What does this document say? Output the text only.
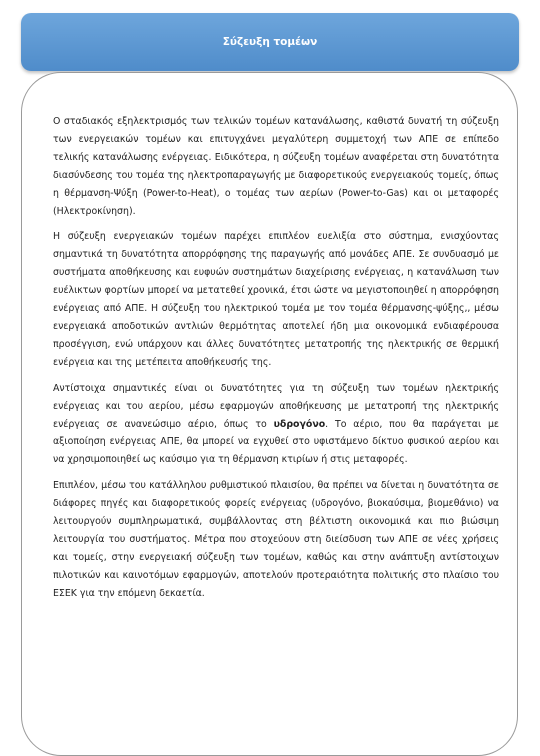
Σύζευξη τομέων

Ο σταδιακός εξηλεκτρισμός των τελικών τομέων κατανάλωσης, καθιστά δυνατή τη σύζευξη των ενεργειακών τομέων και επιτυγχάνει μεγαλύτερη συμμετοχή των ΑΠΕ σε επίπεδο τελικής κατανάλωσης ενέργειας. Ειδικότερα, η σύζευξη τομέων αναφέρεται στη δυνατότητα διασύνδεσης του τομέα της ηλεκτροπαραγωγής με διαφορετικούς ενεργειακούς τομείς, όπως η θέρμανση-Ψύξη (Power-to-Heat), ο τομέας των αερίων (Power-to-Gas) και οι μεταφορές (Ηλεκτροκίνηση).

Η σύζευξη ενεργειακών τομέων παρέχει επιπλέον ευελιξία στο σύστημα, ενισχύοντας σημαντικά τη δυνατότητα απορρόφησης της παραγωγής από μονάδες ΑΠΕ. Σε συνδυασμό με συστήματα αποθήκευσης και ευφυών συστημάτων διαχείρισης ενέργειας, η κατανάλωση των ευέλικτων φορτίων μπορεί να μετατεθεί χρονικά, έτσι ώστε να μεγιστοποιηθεί η απορρόφηση ενέργειας από ΑΠΕ. Η σύζευξη του ηλεκτρικού τομέα με τον τομέα θέρμανσης-ψύξης,, μέσω ενεργειακά αποδοτικών αντλιών θερμότητας αποτελεί ήδη μια οικονομικά ενδιαφέρουσα προσέγγιση, ενώ υπάρχουν και άλλες δυνατότητες μετατροπής της ηλεκτρικής σε θερμική ενέργεια και της μετέπειτα αποθήκευσής της.

Αντίστοιχα σημαντικές είναι οι δυνατότητες για τη σύζευξη των τομέων ηλεκτρικής ενέργειας και του αερίου, μέσω εφαρμογών αποθήκευσης με μετατροπή της ηλεκτρικής ενέργειας σε ανανεώσιμο αέριο, όπως το υδρογόνο. Το αέριο, που θα παράγεται με αξιοποίηση ενέργειας ΑΠΕ, θα μπορεί να εγχυθεί στο υφιστάμενο δίκτυο φυσικού αερίου και να χρησιμοποιηθεί ως καύσιμο για τη θέρμανση κτιρίων ή στις μεταφορές.

Επιπλέον, μέσω του κατάλληλου ρυθμιστικού πλαισίου, θα πρέπει να δίνεται η δυνατότητα σε διάφορες πηγές και διαφορετικούς φορείς ενέργειας (υδρογόνο, βιοκαύσιμα, βιομεθάνιο) να λειτουργούν συμπληρωματικά, συμβάλλοντας στη βέλτιστη οικονομικά και πιο βιώσιμη λειτουργία του συστήματος. Μέτρα που στοχεύουν στη διείσδυση των ΑΠΕ σε νέες χρήσεις και τομείς, στην ενεργειακή σύζευξη των τομέων, καθώς και στην ανάπτυξη αντίστοιχων πιλοτικών και καινοτόμων εφαρμογών, αποτελούν προτεραιότητα πολιτικής στο πλαίσιο του ΕΣΕΚ για την επόμενη δεκαετία.
